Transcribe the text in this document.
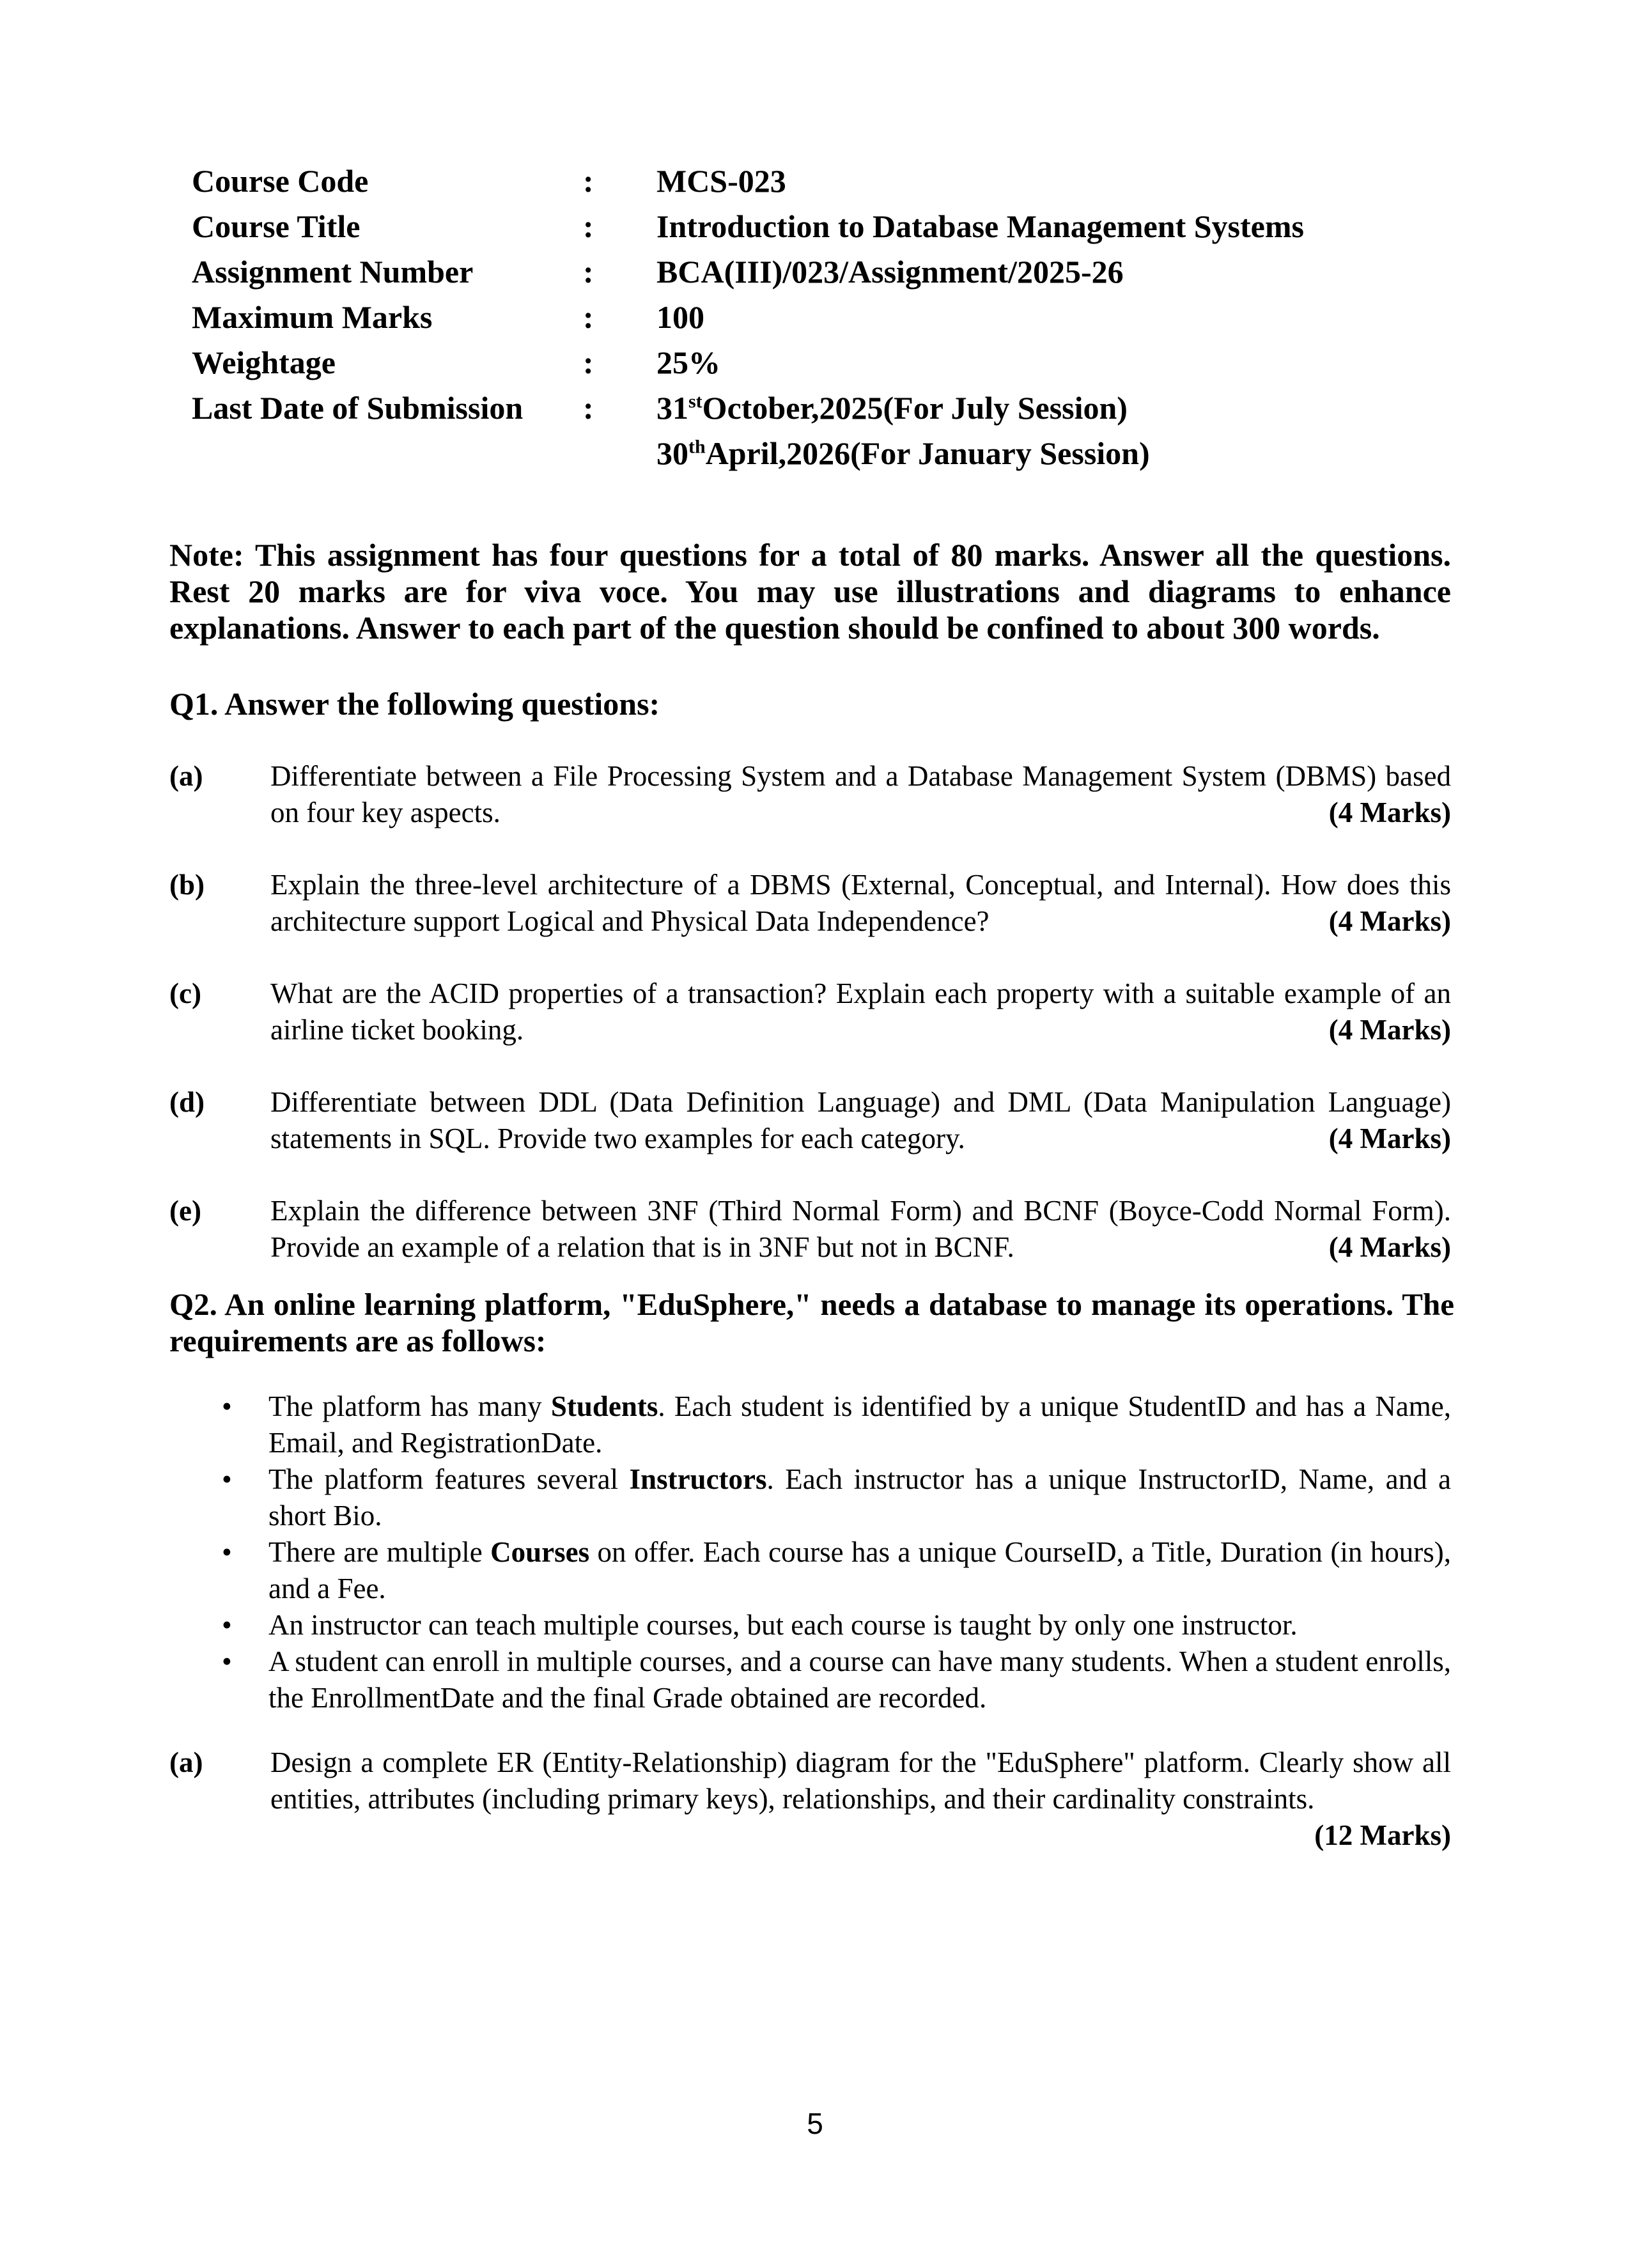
Course Code	:	MCS-023
Course Title	:	Introduction to Database Management Systems
Assignment Number	:	BCA(III)/023/Assignment/2025-26
Maximum Marks	:	100
Weightage	:	25%
Last Date of Submission	:	31stOctober,2025(For July Session)
30thApril,2026(For January Session)
Note: This assignment has four questions for a total of 80 marks. Answer all the questions. Rest 20 marks are for viva voce. You may use illustrations and diagrams to enhance explanations. Answer to each part of the question should be confined to about 300 words.
Q1. Answer the following questions:
(a)	Differentiate between a File Processing System and a Database Management System (DBMS) based on four key aspects.	(4 Marks)
(b)	Explain the three-level architecture of a DBMS (External, Conceptual, and Internal). How does this architecture support Logical and Physical Data Independence?	(4 Marks)
(c)	What are the ACID properties of a transaction? Explain each property with a suitable example of an airline ticket booking.	(4 Marks)
(d)	Differentiate between DDL (Data Definition Language) and DML (Data Manipulation Language) statements in SQL. Provide two examples for each category.	(4 Marks)
(e)	Explain the difference between 3NF (Third Normal Form) and BCNF (Boyce-Codd Normal Form). Provide an example of a relation that is in 3NF but not in BCNF.	(4 Marks)
Q2. An online learning platform, "EduSphere," needs a database to manage its operations. The requirements are as follows:
•	The platform has many Students. Each student is identified by a unique StudentID and has a Name, Email, and RegistrationDate.
•	The platform features several Instructors. Each instructor has a unique InstructorID, Name, and a short Bio.
•	There are multiple Courses on offer. Each course has a unique CourseID, a Title, Duration (in hours), and a Fee.
•	An instructor can teach multiple courses, but each course is taught by only one instructor.
•	A student can enroll in multiple courses, and a course can have many students. When a student enrolls, the EnrollmentDate and the final Grade obtained are recorded.
(a)	Design a complete ER (Entity-Relationship) diagram for the "EduSphere" platform. Clearly show all entities, attributes (including primary keys), relationships, and their cardinality constraints.
(12 Marks)
5
